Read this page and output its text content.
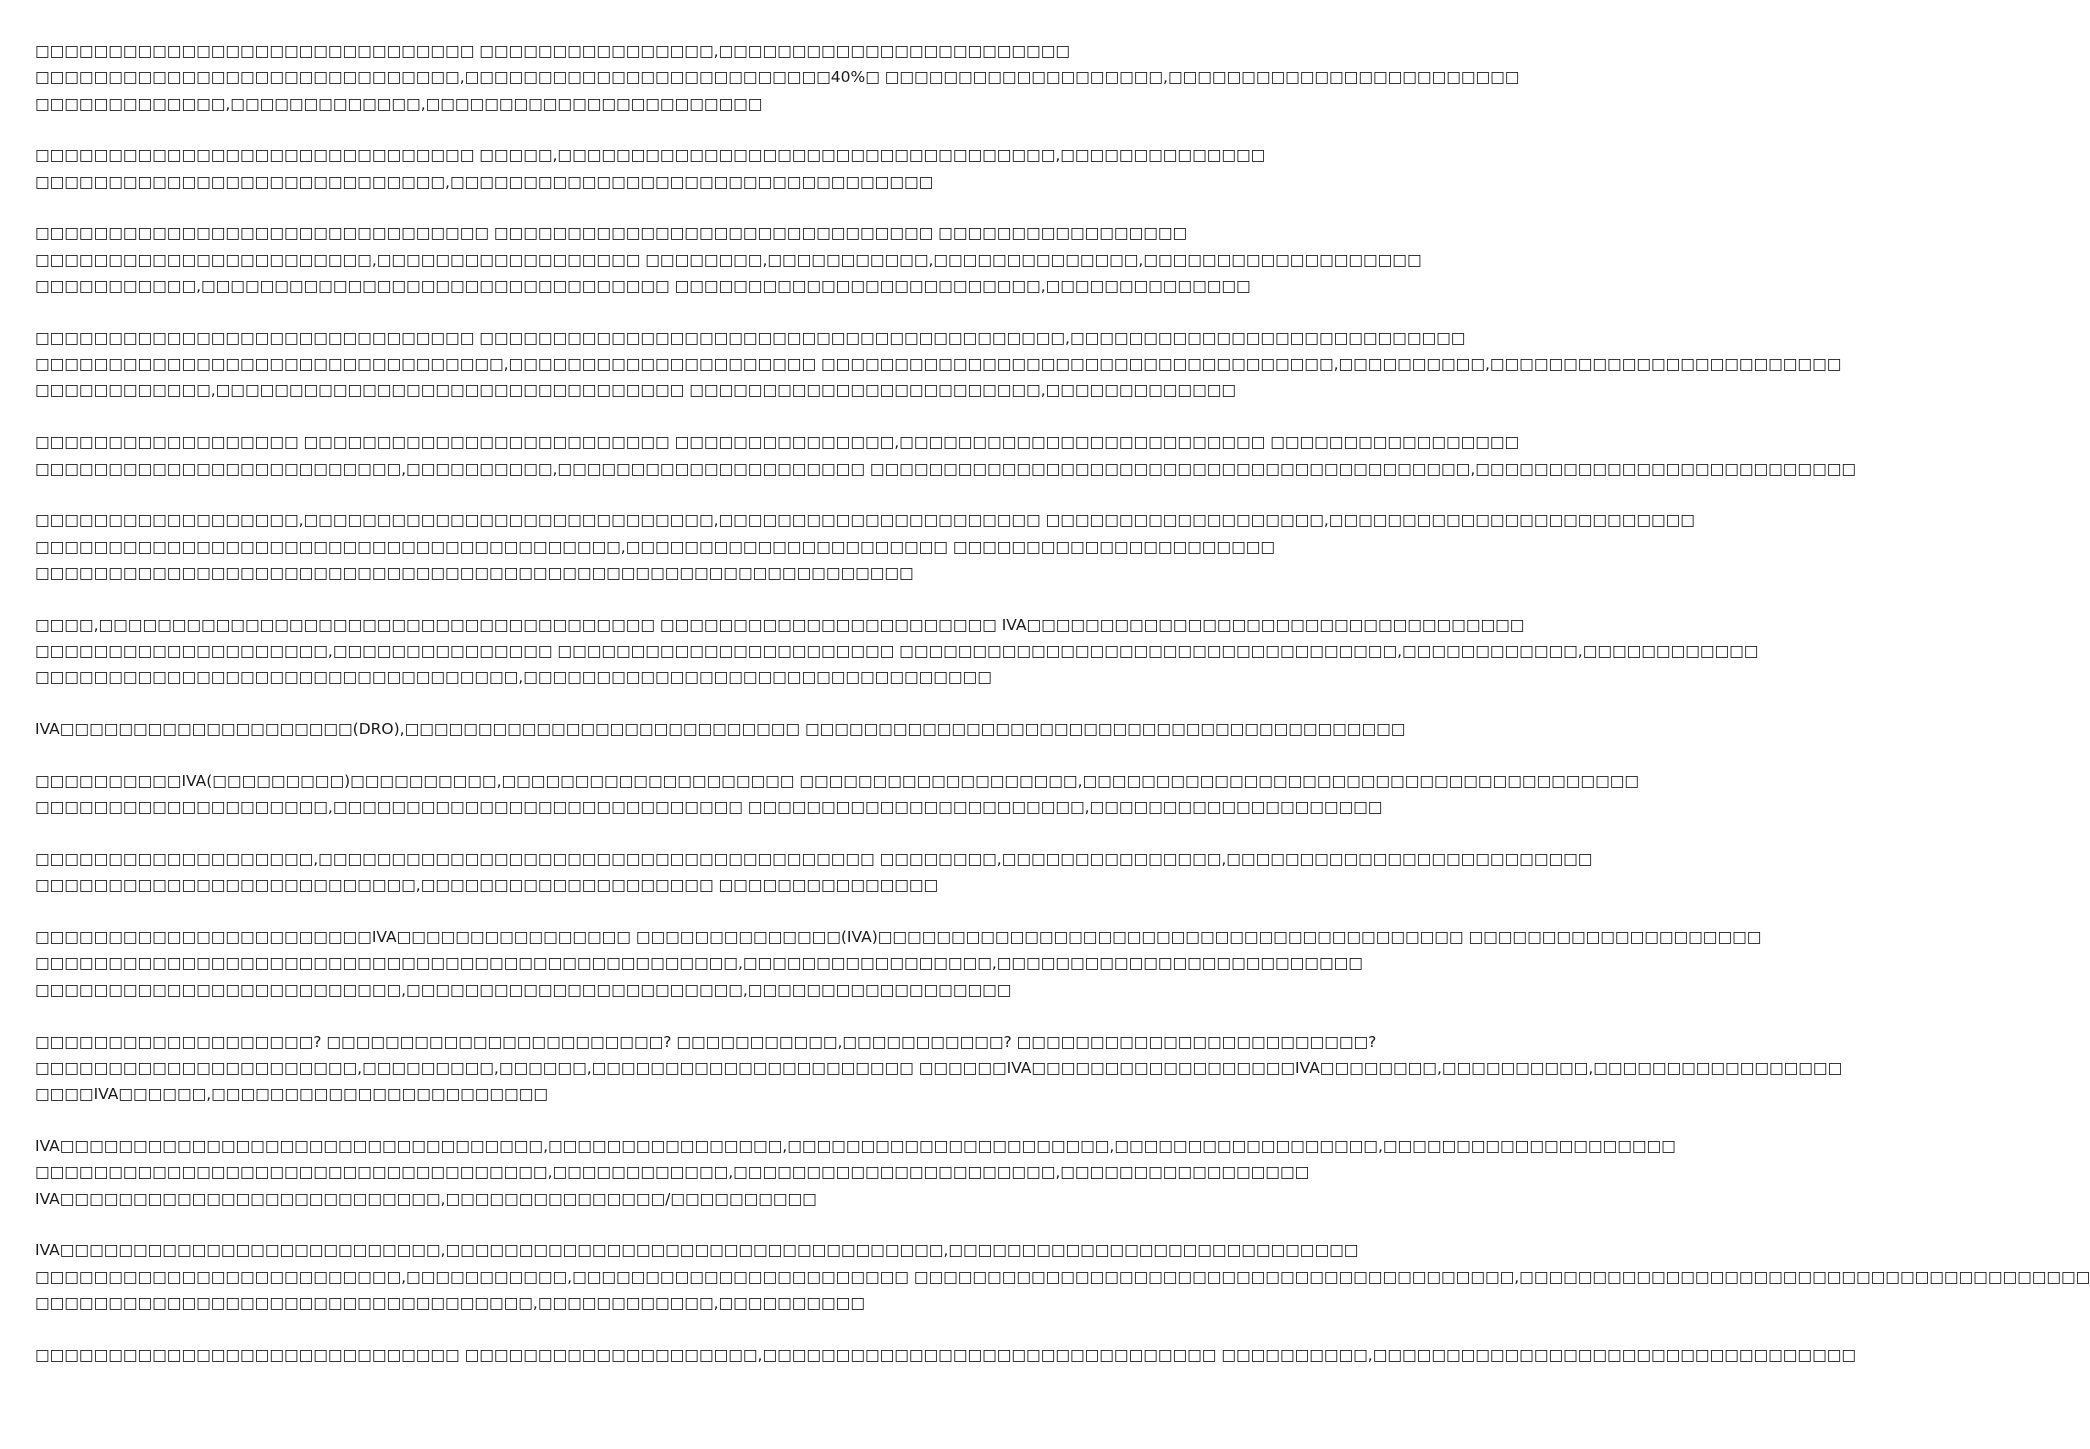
□□□□□□□□□□□□□□□□□□□□□□□□□□□□□□ □□□□□□□□□□□□□□□□,□□□□□□□□□□□□□□□□□□□□□□□□
□□□□□□□□□□□□□□□□□□□□□□□□□□□□□,□□□□□□□□□□□□□□□□□□□□□□□□□40%□ □□□□□□□□□□□□□□□□□□□,□□□□□□□□□□□□□□□□□□□□□□□□
□□□□□□□□□□□□□,□□□□□□□□□□□□□,□□□□□□□□□□□□□□□□□□□□□□□
□□□□□□□□□□□□□□□□□□□□□□□□□□□□□□ □□□□□,□□□□□□□□□□□□□□□□□□□□□□□□□□□□□□□□□□,□□□□□□□□□□□□□□
□□□□□□□□□□□□□□□□□□□□□□□□□□□□,□□□□□□□□□□□□□□□□□□□□□□□□□□□□□□□□□
□□□□□□□□□□□□□□□□□□□□□□□□□□□□□□□ □□□□□□□□□□□□□□□□□□□□□□□□□□□□□□ □□□□□□□□□□□□□□□□□
□□□□□□□□□□□□□□□□□□□□□□□,□□□□□□□□□□□□□□□□□□ □□□□□□□□,□□□□□□□□□□□,□□□□□□□□□□□□□□,□□□□□□□□□□□□□□□□□□□
□□□□□□□□□□□,□□□□□□□□□□□□□□□□□□□□□□□□□□□□□□□□ □□□□□□□□□□□□□□□□□□□□□□□□□,□□□□□□□□□□□□□□
□□□□□□□□□□□□□□□□□□□□□□□□□□□□□□ □□□□□□□□□□□□□□□□□□□□□□□□□□□□□□□□□□□□□□□□,□□□□□□□□□□□□□□□□□□□□□□□□□□□
□□□□□□□□□□□□□□□□□□□□□□□□□□□□□□□□,□□□□□□□□□□□□□□□□□□□□□ □□□□□□□□□□□□□□□□□□□□□□□□□□□□□□□□□□□,□□□□□□□□□□,□□□□□□□□□□□□□□□□□□□□□□□□
□□□□□□□□□□□□,□□□□□□□□□□□□□□□□□□□□□□□□□□□□□□□□ □□□□□□□□□□□□□□□□□□□□□□□□,□□□□□□□□□□□□□
□□□□□□□□□□□□□□□□□□ □□□□□□□□□□□□□□□□□□□□□□□□□ □□□□□□□□□□□□□□□,□□□□□□□□□□□□□□□□□□□□□□□□□ □□□□□□□□□□□□□□□□□
□□□□□□□□□□□□□□□□□□□□□□□□□,□□□□□□□□□□,□□□□□□□□□□□□□□□□□□□□□ □□□□□□□□□□□□□□□□□□□□□□□□□□□□□□□□□□□□□□□□□,□□□□□□□□□□□□□□□□□□□□□□□□□□
□□□□□□□□□□□□□□□□□□,□□□□□□□□□□□□□□□□□□□□□□□□□□□□,□□□□□□□□□□□□□□□□□□□□□□ □□□□□□□□□□□□□□□□□□□,□□□□□□□□□□□□□□□□□□□□□□□□□
□□□□□□□□□□□□□□□□□□□□□□□□□□□□□□□□□□□□□□□□,□□□□□□□□□□□□□□□□□□□□□□ □□□□□□□□□□□□□□□□□□□□□□
□□□□□□□□□□□□□□□□□□□□□□□□□□□□□□□□□□□□□□□□□□□□□□□□□□□□□□□□□□□□
□□□□,□□□□□□□□□□□□□□□□□□□□□□□□□□□□□□□□□□□□□□ □□□□□□□□□□□□□□□□□□□□□□□ IVA□□□□□□□□□□□□□□□□□□□□□□□□□□□□□□□□□□
□□□□□□□□□□□□□□□□□□□□,□□□□□□□□□□□□□□□ □□□□□□□□□□□□□□□□□□□□□□□ □□□□□□□□□□□□□□□□□□□□□□□□□□□□□□□□□□,□□□□□□□□□□□□,□□□□□□□□□□□□
□□□□□□□□□□□□□□□□□□□□□□□□□□□□□□□□□,□□□□□□□□□□□□□□□□□□□□□□□□□□□□□□□□
IVA□□□□□□□□□□□□□□□□□□□□(DRO),□□□□□□□□□□□□□□□□□□□□□□□□□□□ □□□□□□□□□□□□□□□□□□□□□□□□□□□□□□□□□□□□□□□□□
□□□□□□□□□□IVA(□□□□□□□□□)□□□□□□□□□□,□□□□□□□□□□□□□□□□□□□□ □□□□□□□□□□□□□□□□□□□,□□□□□□□□□□□□□□□□□□□□□□□□□□□□□□□□□□□□□□
□□□□□□□□□□□□□□□□□□□□,□□□□□□□□□□□□□□□□□□□□□□□□□□□□ □□□□□□□□□□□□□□□□□□□□□□□,□□□□□□□□□□□□□□□□□□□□
□□□□□□□□□□□□□□□□□□□,□□□□□□□□□□□□□□□□□□□□□□□□□□□□□□□□□□□□□□ □□□□□□□□,□□□□□□□□□□□□□□□,□□□□□□□□□□□□□□□□□□□□□□□□□
□□□□□□□□□□□□□□□□□□□□□□□□□□,□□□□□□□□□□□□□□□□□□□□ □□□□□□□□□□□□□□□
□□□□□□□□□□□□□□□□□□□□□□□IVA□□□□□□□□□□□□□□□□ □□□□□□□□□□□□□□(IVA)□□□□□□□□□□□□□□□□□□□□□□□□□□□□□□□□□□□□□□□□ □□□□□□□□□□□□□□□□□□□□
□□□□□□□□□□□□□□□□□□□□□□□□□□□□□□□□□□□□□□□□□□□□□□□□,□□□□□□□□□□□□□□□□□,□□□□□□□□□□□□□□□□□□□□□□□□□
□□□□□□□□□□□□□□□□□□□□□□□□□,□□□□□□□□□□□□□□□□□□□□□□□,□□□□□□□□□□□□□□□□□□
□□□□□□□□□□□□□□□□□□□? □□□□□□□□□□□□□□□□□□□□□□□? □□□□□□□□□□□,□□□□□□□□□□□? □□□□□□□□□□□□□□□□□□□□□□□□?
□□□□□□□□□□□□□□□□□□□□□□,□□□□□□□□□,□□□□□□,□□□□□□□□□□□□□□□□□□□□□□ □□□□□□IVA□□□□□□□□□□□□□□□□□□IVA□□□□□□□□,□□□□□□□□□□,□□□□□□□□□□□□□□□□□
□□□□IVA□□□□□□,□□□□□□□□□□□□□□□□□□□□□□□
IVA□□□□□□□□□□□□□□□□□□□□□□□□□□□□□□□□□,□□□□□□□□□□□□□□□□,□□□□□□□□□□□□□□□□□□□□□□,□□□□□□□□□□□□□□□□□□,□□□□□□□□□□□□□□□□□□□□
□□□□□□□□□□□□□□□□□□□□□□□□□□□□□□□□□□□,□□□□□□□□□□□□,□□□□□□□□□□□□□□□□□□□□□□,□□□□□□□□□□□□□□□□□
IVA□□□□□□□□□□□□□□□□□□□□□□□□□□,□□□□□□□□□□□□□□□/□□□□□□□□□□
IVA□□□□□□□□□□□□□□□□□□□□□□□□□□,□□□□□□□□□□□□□□□□□□□□□□□□□□□□□□□□□□,□□□□□□□□□□□□□□□□□□□□□□□□□□□□
□□□□□□□□□□□□□□□□□□□□□□□□□,□□□□□□□□□□□,□□□□□□□□□□□□□□□□□□□□□□□ □□□□□□□□□□□□□□□□□□□□□□□□□□□□□□□□□□□□□□□□□,□□□□□□□□□□□□□□□□□□□□□□□□□□□□□□□□□□□□□□□
□□□□□□□□□□□□□□□□□□□□□□□□□□□□□□□□□□,□□□□□□□□□□□□,□□□□□□□□□□
□□□□□□□□□□□□□□□□□□□□□□□□□□□□□ □□□□□□□□□□□□□□□□□□□□,□□□□□□□□□□□□□□□□□□□□□□□□□□□□□□□ □□□□□□□□□□,□□□□□□□□□□□□□□□□□□□□□□□□□□□□□□□□□
